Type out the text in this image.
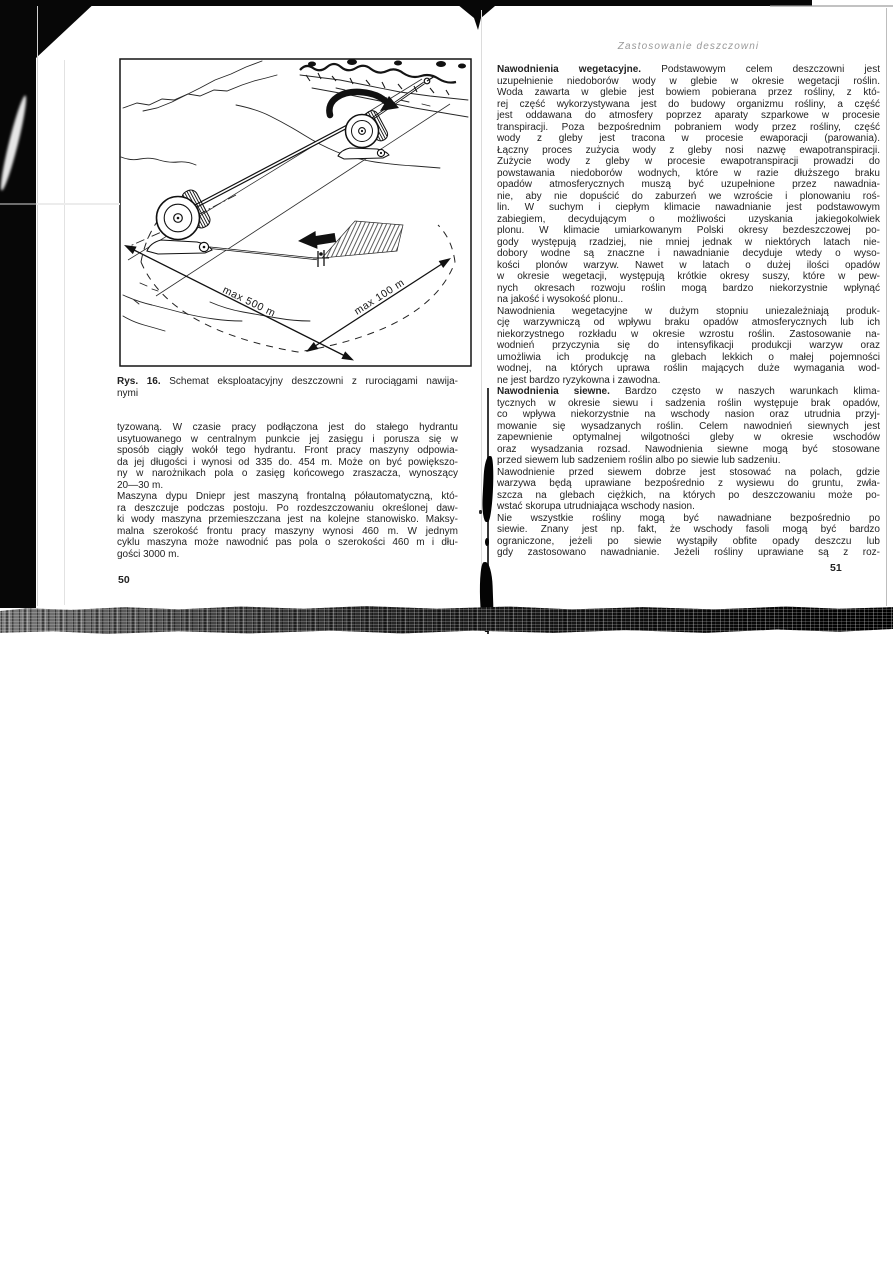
max 500 m	max 100 m
Rys. 16. Schemat eksploatacyjny deszczowni z rurociągami nawija-
nymi
tyzowaną. W czasie pracy podłączona jest do stałego hydrantu
usytuowanego w centralnym punkcie jej zasięgu i porusza się w
sposób ciągły wokół tego hydrantu. Front pracy maszyny odpowia-
da jej długości i wynosi od 335 do. 454 m. Może on być powiększo-
ny w narożnikach pola o zasięg końcowego zraszacza, wynoszący
20—30 m.
Maszyna dypu Dniepr jest maszyną frontalną półautomatyczną, któ-
ra deszczuje podczas postoju. Po rozdeszczowaniu określonej daw-
ki wody maszyna przemieszczana jest na kolejne stanowisko. Maksy-
malna szerokość frontu pracy maszyny wynosi 460 m. W jednym
cyklu maszyna może nawodnić pas pola o szerokości 460 m i dłu-
gości 3000 m.
50
Zastosowanie deszczowni
Nawodnienia wegetacyjne. Podstawowym celem deszczowni jest
uzupełnienie niedoborów wody w glebie w okresie wegetacji roślin.
Woda zawarta w glebie jest bowiem pobierana przez rośliny, z któ-
rej część wykorzystywana jest do budowy organizmu rośliny, a część
jest oddawana do atmosfery poprzez aparaty szparkowe w procesie
transpiracji. Poza bezpośrednim pobraniem wody przez rośliny, część
wody z gleby jest tracona w procesie ewaporacji (parowania).
Łączny proces zużycia wody z gleby nosi nazwę ewapotranspiracji.
Zużycie wody z gleby w procesie ewapotranspiracji prowadzi do
powstawania niedoborów wodnych, które w razie dłuższego braku
opadów atmosferycznych muszą być uzupełnione przez nawadnia-
nie, aby nie dopuścić do zaburzeń we wzroście i plonowaniu roś-
lin. W suchym i ciepłym klimacie nawadnianie jest podstawowym
zabiegiem, decydującym o możliwości uzyskania jakiegokolwiek
plonu. W klimacie umiarkowanym Polski okresy bezdeszczowej po-
gody występują rzadziej, nie mniej jednak w niektórych latach nie-
dobory wodne są znaczne i nawadnianie decyduje wtedy o wyso-
kości plonów warzyw. Nawet w latach o dużej ilości opadów
w okresie wegetacji, występują krótkie okresy suszy, które w pew-
nych okresach rozwoju roślin mogą bardzo niekorzystnie wpłynąć
na jakość i wysokość plonu..
Nawodnienia wegetacyjne w dużym stopniu uniezależniają produk-
cję warzywniczą od wpływu braku opadów atmosferycznych lub ich
niekorzystnego rozkładu w okresie wzrostu roślin. Zastosowanie na-
wodnień przyczynia się do intensyfikacji produkcji warzyw oraz
umożliwia ich produkcję na glebach lekkich o małej pojemności
wodnej, na których uprawa roślin mających duże wymagania wod-
ne jest bardzo ryzykowna i zawodna.
Nawodnienia siewne. Bardzo często w naszych warunkach klima-
tycznych w okresie siewu i sadzenia roślin występuje brak opadów,
co wpływa niekorzystnie na wschody nasion oraz utrudnia przyj-
mowanie się wysadzanych roślin. Celem nawodnień siewnych jest
zapewnienie optymalnej wilgotności gleby w okresie wschodów
oraz wysadzania rozsad. Nawodnienia siewne mogą być stosowane
przed siewem lub sadzeniem roślin albo po siewie lub sadzeniu.
Nawodnienie przed siewem dobrze jest stosować na polach, gdzie
warzywa będą uprawiane bezpośrednio z wysiewu do gruntu, zwła-
szcza na glebach ciężkich, na których po deszczowaniu może po-
wstać skorupa utrudniająca wschody nasion.
Nie wszystkie rośliny mogą być nawadniane bezpośrednio po
siewie. Znany jest np. fakt, że wschody fasoli mogą być bardzo
ograniczone, jeżeli po siewie wystąpiły obfite opady deszczu lub
gdy zastosowano nawadnianie. Jeżeli rośliny uprawiane są z roz-
51
